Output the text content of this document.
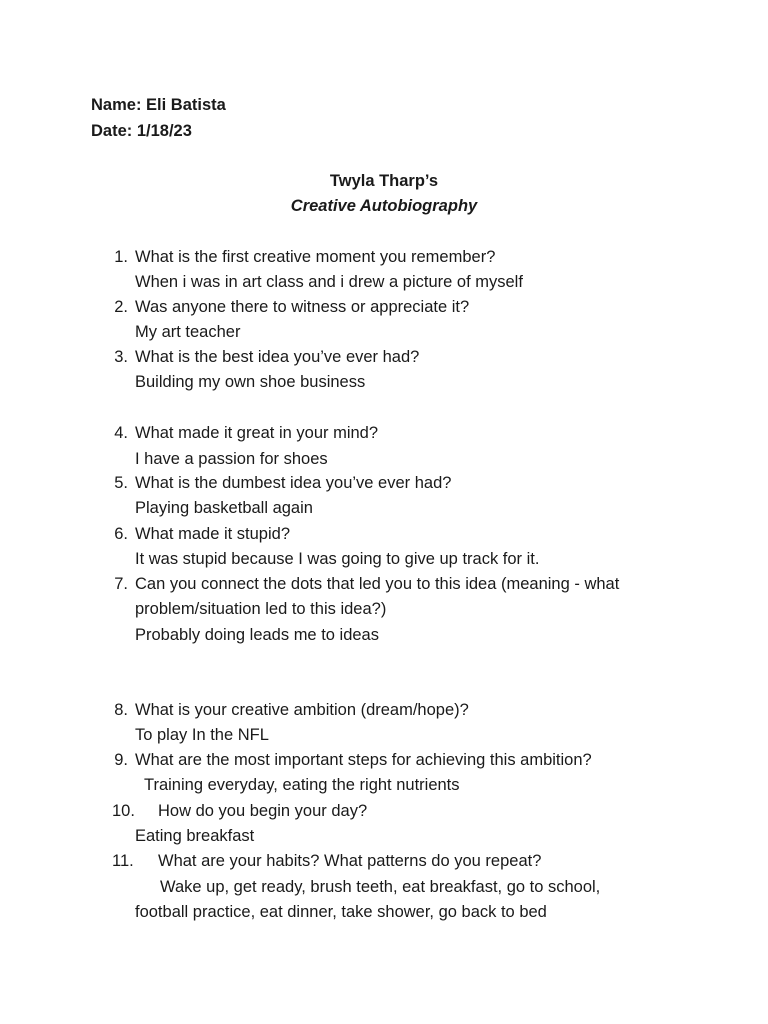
Name: Eli Batista
Date: 1/18/23
Twyla Tharp’s
Creative Autobiography
1. What is the first creative moment you remember?
When i was in art class and i drew a picture of myself
2. Was anyone there to witness or appreciate it?
My art teacher
3. What is the best idea you’ve ever had?
Building my own shoe business
4. What made it great in your mind?
I have a passion for shoes
5. What is the dumbest idea you’ve ever had?
Playing basketball again
6. What made it stupid?
It was stupid because I was going to give up track for it.
7. Can you connect the dots that led you to this idea (meaning - what
problem/situation led to this idea?)
Probably doing leads me to ideas
8. What is your creative ambition (dream/hope)?
To play In the NFL
9. What are the most important steps for achieving this ambition?
Training everyday, eating the right nutrients
10. How do you begin your day?
Eating breakfast
11. What are your habits? What patterns do you repeat?
Wake up, get ready, brush teeth, eat breakfast, go to school,
football practice, eat dinner, take shower, go back to bed
